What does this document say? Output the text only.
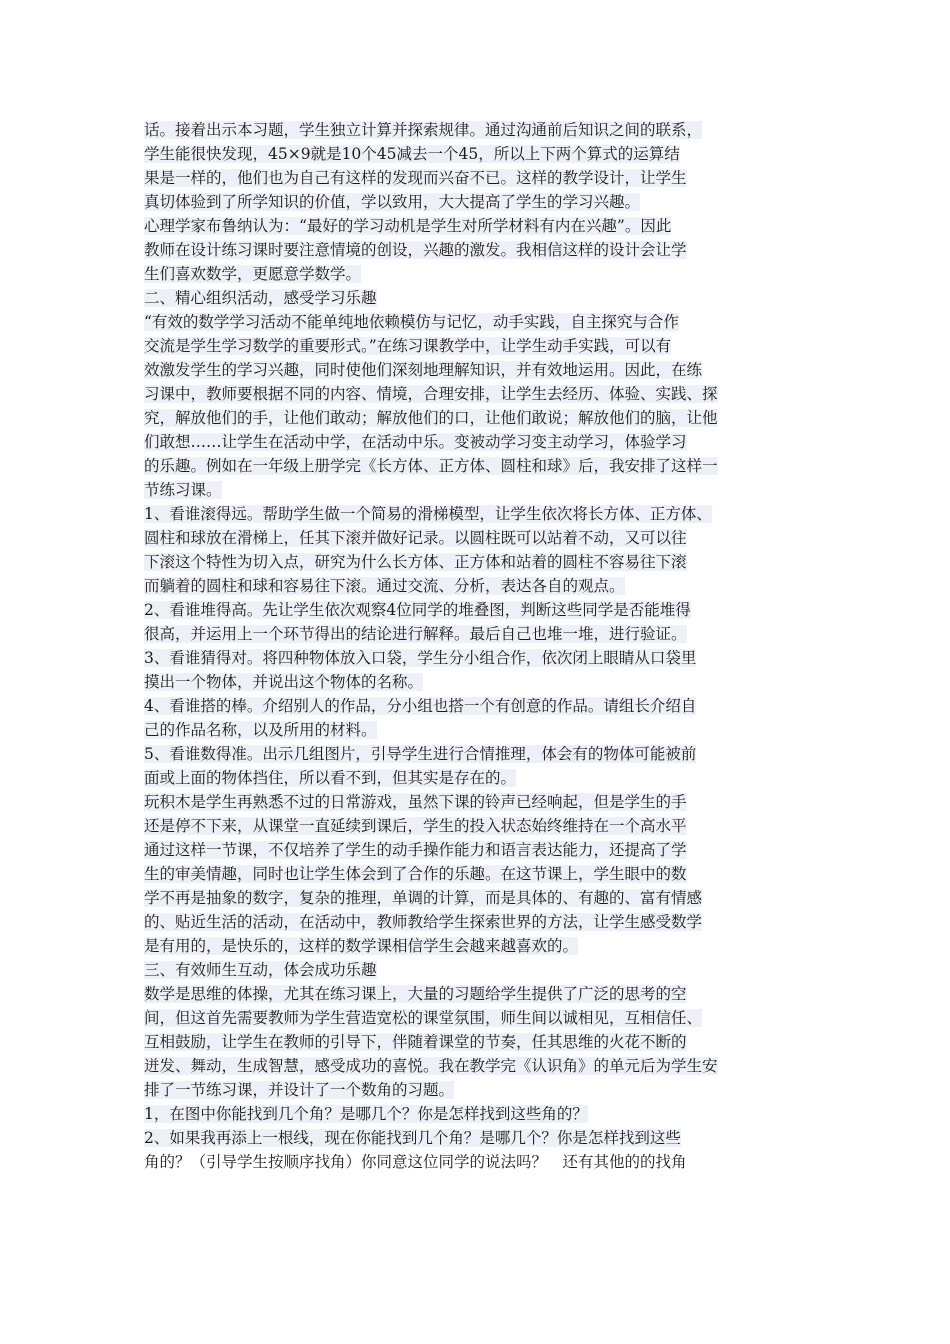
话。接着出示本习题，学生独立计算并探索规律。通过沟通前后知识之间的联系，
学生能很快发现，45×9就是10个45减去一个45，所以上下两个算式的运算结
果是一样的，他们也为自己有这样的发现而兴奋不已。这样的教学设计，让学生
真切体验到了所学知识的价值，学以致用，大大提高了学生的学习兴趣。
心理学家布鲁纳认为：“最好的学习动机是学生对所学材料有内在兴趣”。因此
教师在设计练习课时要注意情境的创设，兴趣的激发。我相信这样的设计会让学
生们喜欢数学，更愿意学数学。
二、精心组织活动，感受学习乐趣
“有效的数学学习活动不能单纯地依赖模仿与记忆，动手实践，自主探究与合作
交流是学生学习数学的重要形式。”在练习课教学中，让学生动手实践，可以有
效激发学生的学习兴趣，同时使他们深刻地理解知识，并有效地运用。因此，在练
习课中，教师要根据不同的内容、情境，合理安排，让学生去经历、体验、实践、探
究，解放他们的手，让他们敢动；解放他们的口，让他们敢说；解放他们的脑，让他
们敢想……让学生在活动中学，在活动中乐。变被动学习变主动学习，体验学习
的乐趣。例如在一年级上册学完《长方体、正方体、圆柱和球》后，我安排了这样一
节练习课。
1、看谁滚得远。帮助学生做一个简易的滑梯模型，让学生依次将长方体、正方体、
圆柱和球放在滑梯上，任其下滚并做好记录。以圆柱既可以站着不动，又可以往
下滚这个特性为切入点，研究为什么长方体、正方体和站着的圆柱不容易往下滚
而躺着的圆柱和球和容易往下滚。通过交流、分析，表达各自的观点。
2、看谁堆得高。先让学生依次观察4位同学的堆叠图，判断这些同学是否能堆得
很高，并运用上一个环节得出的结论进行解释。最后自己也堆一堆，进行验证。
3、看谁猜得对。将四种物体放入口袋，学生分小组合作，依次闭上眼睛从口袋里
摸出一个物体，并说出这个物体的名称。
4、看谁搭的棒。介绍别人的作品，分小组也搭一个有创意的作品。请组长介绍自
己的作品名称，以及所用的材料。
5、看谁数得准。出示几组图片，引导学生进行合情推理，体会有的物体可能被前
面或上面的物体挡住，所以看不到，但其实是存在的。
玩积木是学生再熟悉不过的日常游戏，虽然下课的铃声已经响起，但是学生的手
还是停不下来，从课堂一直延续到课后，学生的投入状态始终维持在一个高水平
通过这样一节课，不仅培养了学生的动手操作能力和语言表达能力，还提高了学
生的审美情趣，同时也让学生体会到了合作的乐趣。在这节课上，学生眼中的数
学不再是抽象的数字，复杂的推理，单调的计算，而是具体的、有趣的、富有情感
的、贴近生活的活动，在活动中，教师教给学生探索世界的方法，让学生感受数学
是有用的，是快乐的，这样的数学课相信学生会越来越喜欢的。
三、有效师生互动，体会成功乐趣
数学是思维的体操，尤其在练习课上，大量的习题给学生提供了广泛的思考的空
间，但这首先需要教师为学生营造宽松的课堂氛围，师生间以诚相见，互相信任、
互相鼓励，让学生在教师的引导下，伴随着课堂的节奏，任其思维的火花不断的
迸发、舞动，生成智慧，感受成功的喜悦。我在教学完《认识角》的单元后为学生安
排了一节练习课，并设计了一个数角的习题。
1，在图中你能找到几个角？是哪几个？你是怎样找到这些角的？
2、如果我再添上一根线，现在你能找到几个角？是哪几个？你是怎样找到这些
角的？（引导学生按顺序找角）你同意这位同学的说法吗？　还有其他的的找角
